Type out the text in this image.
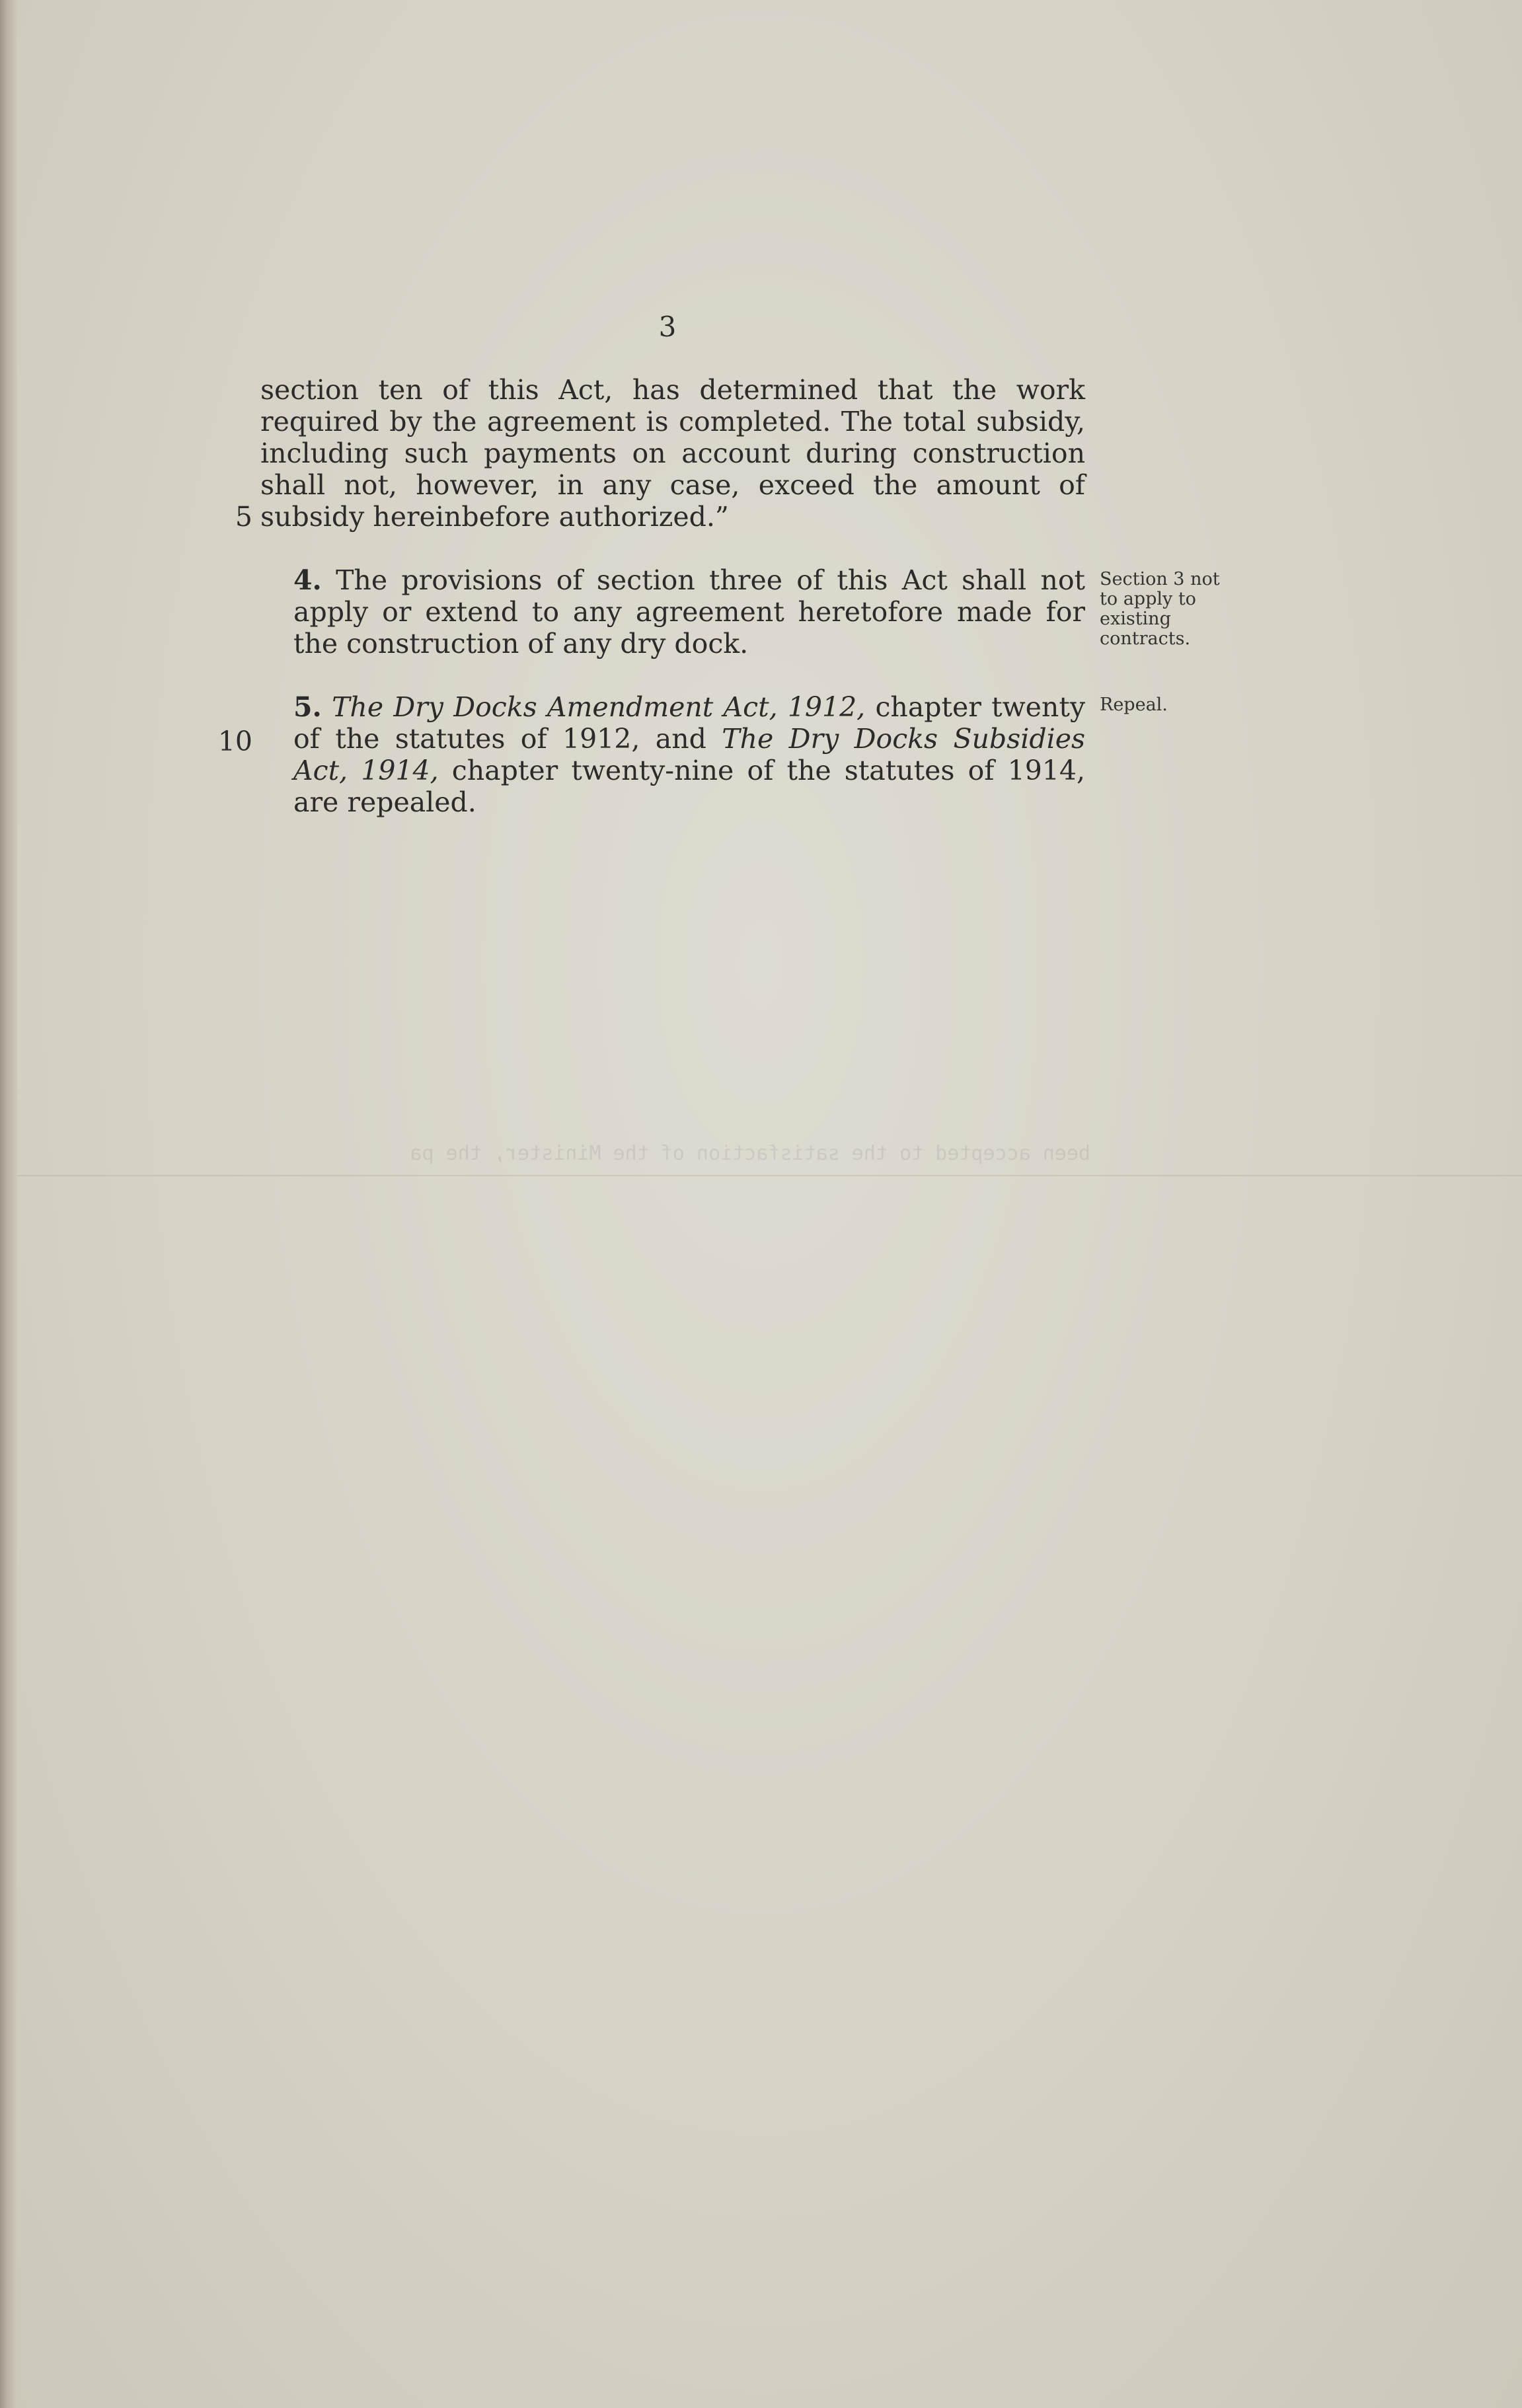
been accepted to the satisfaction of the Minister, the pa
3
5
10

section ten of this Act, has determined that the work required by the agreement is completed. The total subsidy, including such payments on account during construction shall not, however, in any case, exceed the amount of subsidy hereinbefore authorized.”

4. The provisions of section three of this Act shall not apply or extend to any agreement heretofore made for the construction of any dry dock.

5. The Dry Docks Amendment Act, 1912, chapter twenty of the statutes of 1912, and The Dry Docks Subsidies Act, 1914, chapter twenty-nine of the statutes of 1914, are repealed.

Section 3 not to apply to existing contracts.
Repeal.
